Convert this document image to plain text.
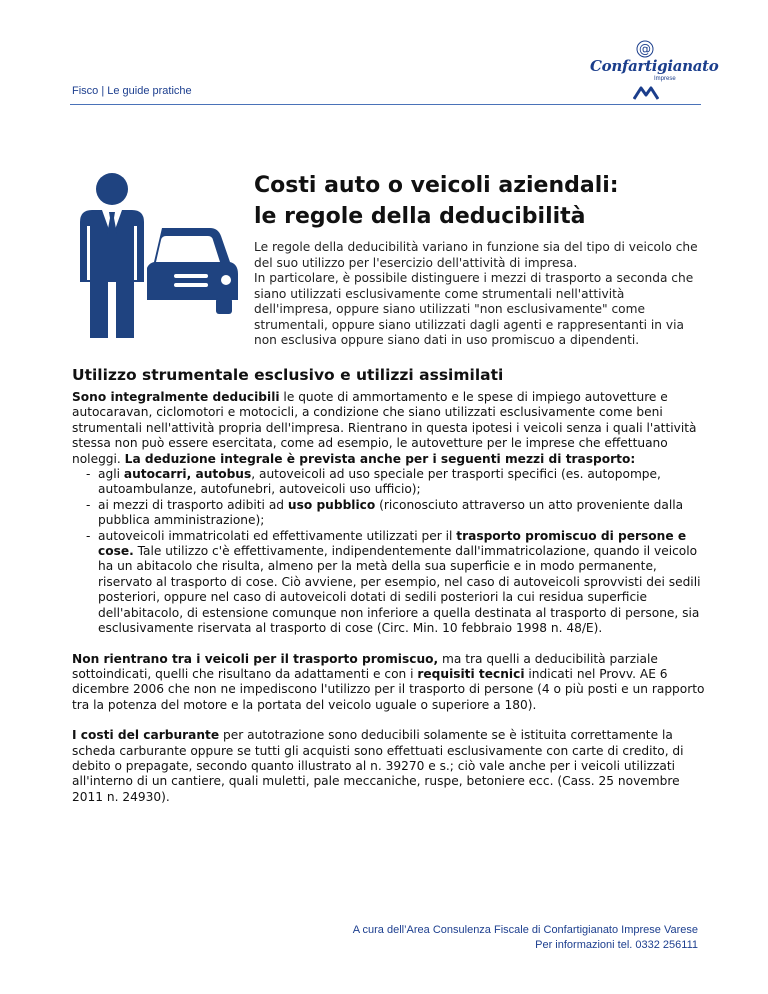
Fisco | Le guide pratiche
@
Confartigianato
Imprese
Costi auto o veicoli aziendali:
le regole della deducibilità

Le regole della deducibilità variano in funzione sia del tipo di veicolo che del suo utilizzo per l'esercizio dell'attività di impresa.

In particolare, è possibile distinguere i mezzi di trasporto a seconda che siano utilizzati esclusivamente come strumentali nell'attività dell'impresa, oppure siano utilizzati "non esclusivamente" come strumentali, oppure siano utilizzati dagli agenti e rappresentanti in via non esclusiva oppure siano dati in uso promiscuo a dipendenti.

Utilizzo strumentale esclusivo e utilizzi assimilati

Sono integralmente deducibili le quote di ammortamento e le spese di impiego autovetture e autocaravan, ciclomotori e motocicli, a condizione che siano utilizzati esclusivamente come beni strumentali nell'attività propria dell'impresa. Rientrano in questa ipotesi i veicoli senza i quali l'attività stessa non può essere esercitata, come ad esempio, le autovetture per le imprese che effettuano noleggi. La deduzione integrale è prevista anche per i seguenti mezzi di trasporto:

- agli autocarri, autobus, autoveicoli ad uso speciale per trasporti specifici (es. autopompe, autoambulanze, autofunebri, autoveicoli uso ufficio);
- ai mezzi di trasporto adibiti ad uso pubblico (riconosciuto attraverso un atto proveniente dalla pubblica amministrazione);
- autoveicoli immatricolati ed effettivamente utilizzati per il trasporto promiscuo di persone e cose. Tale utilizzo c'è effettivamente, indipendentemente dall'immatricolazione, quando il veicolo ha un abitacolo che risulta, almeno per la metà della sua superficie e in modo permanente, riservato al trasporto di cose. Ciò avviene, per esempio, nel caso di autoveicoli sprovvisti dei sedili posteriori, oppure nel caso di autoveicoli dotati di sedili posteriori la cui residua superficie dell'abitacolo, di estensione comunque non inferiore a quella destinata al trasporto di persone, sia esclusivamente riservata al trasporto di cose (Circ. Min. 10 febbraio 1998 n. 48/E).

Non rientrano tra i veicoli per il trasporto promiscuo, ma tra quelli a deducibilità parziale sottoindicati, quelli che risultano da adattamenti e con i requisiti tecnici indicati nel Provv. AE 6 dicembre 2006 che non ne impediscono l'utilizzo per il trasporto di persone (4 o più posti e un rapporto tra la potenza del motore e la portata del veicolo uguale o superiore a 180).

I costi del carburante per autotrazione sono deducibili solamente se è istituita correttamente la scheda carburante oppure se tutti gli acquisti sono effettuati esclusivamente con carte di credito, di debito o prepagate, secondo quanto illustrato al n. 39270 e s.; ciò vale anche per i veicoli utilizzati all'interno di un cantiere, quali muletti, pale meccaniche, ruspe, betoniere ecc. (Cass. 25 novembre 2011 n. 24930).

A cura dell’Area Consulenza Fiscale di Confartigianato Imprese Varese
Per informazioni tel. 0332 256111
